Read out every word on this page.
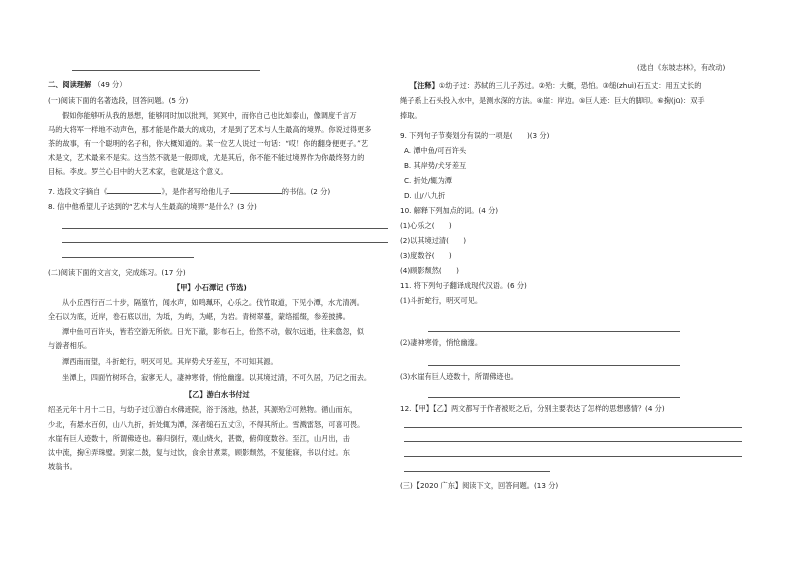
(选自《东坡志林》，有改动)
二、阅读理解 （49 分）
(一)阅读下面的名著选段，回答问题。(5 分)
假如你能够听从我的恳想，能够同时加以批判，冥冥中，而你自己也比如泰山，像调度千言万
马的大将军一样地不动声色，那才能是作最大的成功，才是到了艺术与人生最高的境界。你说过得更多
茶的故事，有一个聪明的名子和，你大概知道的。某一位艺人说过一句话：“哎！你的翻身便更子。”艺
术是文，艺术最来不是实。这当然不就是一般即成，尤是其后，你不能不能过境界作为你最终努力的
目标。李皮。罗兰心目中的大艺术家，也就是这个意义。
7. 选段文字摘自《	》，是作者写给他儿子	的书信。(2 分)
8. 信中他希望儿子达到的“艺术与人生最高的境界”是什么？(3 分)
(二)阅读下面的文言文，完成练习。(17 分)
【甲】小石潭记 (节选)
从小丘西行百二十步，隔篁竹，闻水声，如鸣珮环，心乐之。伐竹取道，下见小潭，水尤清冽。
全石以为底，近岸，卷石底以出，为坻，为屿，为嵁，为岩。青树翠蔓，蒙络摇缀，参差披拂。
潭中鱼可百许头，皆若空游无所依。日光下澈，影布石上，佁然不动，俶尔远逝，往来翕忽，似
与游者相乐。
潭西南而望，斗折蛇行，明灭可见。其岸势犬牙差互，不可知其源。
坐潭上，四面竹树环合，寂寥无人，凄神寒骨，悄怆幽邃。以其境过清，不可久居，乃记之而去。
【乙】游白水书付过
绍圣元年十月十二日，与幼子过①游白水佛迹院，浴于汤池，热甚，其源殆②可熟物。循山而东，
少北，有悬水百仞，山八九折，折处辄为潭，深者缒石五丈③，不得其所止。雪溅雷怒，可喜可畏。
水崖有巨人迹数十，所谓佛迹也。暮归倒行，观山烧火，甚微，俯仰度数谷。至江，山月出，击
汰中流，掬④弄珠璧。到家二鼓，复与过饮，食余甘煮菜，顾影颓然，不复能寐，书以付过。东
坡翁书。
【注释】①幼子过：苏轼的三儿子苏过。②殆：大概，恐怕。③缒(zhuì)石五丈：用五丈长的
绳子系上石头投入水中，是测水深的方法。④崖：岸边。⑤巨人迹：巨大的脚印。⑥掬(jū)：双手
捧取。
9. 下列句子节奏划分有误的一项是(　　)(3 分)
A. 潭中鱼/可百许头
B. 其岸势/犬牙差互
C. 折处/辄为潭
D. 山/八九折
10. 解释下列加点的词。(4 分)
(1)心乐之(　　)
(2)以其境过清(　　)
(3)度数谷(　　)
(4)顾影颓然(　　)
11. 将下列句子翻译成现代汉语。(6 分)
(1)斗折蛇行，明灭可见。
(2)凄神寒骨，悄怆幽邃。
(3)水崖有巨人迹数十，所谓佛迹也。
12.【甲】【乙】两文都写于作者被贬之后，分别主要表达了怎样的思想感情？(4 分)
(三)【2020 广东】阅读下文，回答问题。(13 分)
